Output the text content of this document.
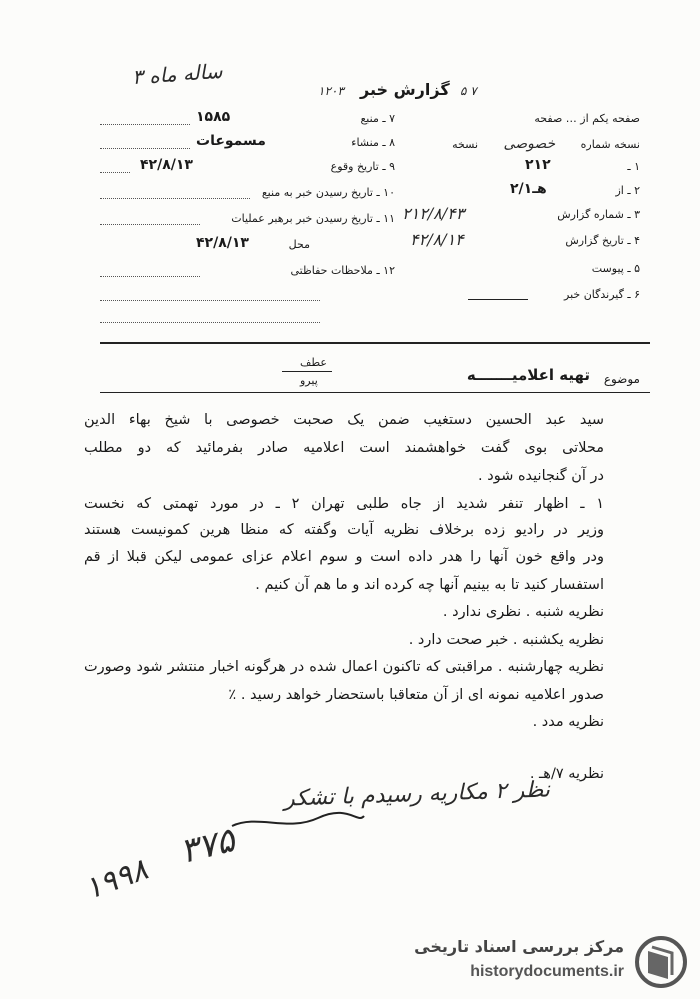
۳ ساله ماه
گزارش خبر
۱۲۰۳	۵ ۷
صفحه یکم از … صفحه
نسخه شماره خصوصی نسخه
۱ ـ
۲۱۲
۲ ـ از
۲/هـ۱
۳ ـ شماره گزارش
۲۱۲/۸/۴۳
۴ ـ تاریخ گزارش
۴۲/۸/۱۴
۵ ـ پیوست
۶ ـ گیرندگان خبر
۷ ـ منبع
۱۵۸۵
۸ ـ منشاء
مسموعات
۹ ـ تاریخ وقوع
۴۲/۸/۱۳
۱۰ ـ تاریخ رسیدن خبر به منبع
۱۱ ـ تاریخ رسیدن خبر برهبر عملیات
محل
۴۲/۸/۱۳
۱۲ ـ ملاحظات حفاظتی
موضوع
تهیه اعلامیـــــــه
عطف
پیرو
سید عبد الحسین دستغیب ضمن یک صحبت خصوصی با شیخ بهاء الدین
محلاتی بوی گفت خواهشمند است اعلامیه صادر بفرمائید که دو مطلب
در آن گنجانیده شود .
۱ ـ اظهار تنفر شدید از جاه طلبی تهران ۲ ـ در مورد تهمتی که نخست
وزیر در رادیو زده برخلاف نظریه آیات وگفته که منظا هرین کمونیست هستند
ودر واقع خون آنها را هدر داده است و سوم اعلام عزای عمومی لیکن قبلا از قم
استفسار کنید تا به بینیم آنها چه کرده اند و ما هم آن کنیم .
نظریه شنبه . نظری ندارد .
نظریه یکشنبه . خبر صحت دارد .
نظریه چهارشنبه . مراقبتی که تاکنون اعمال شده در هرگونه اخبار منتشر شود وصورت
صدور اعلامیه نمونه ای از آن متعاقبا باستحضار خواهد رسید . ٪
نظریه مدد .
نظریه ۷/هـ .
نظر ۲ مکاریه رسیدم با تشکر
۳۷۵
۱۹۹۸
مرکز بررسی اسناد تاریخی
historydocuments.ir
